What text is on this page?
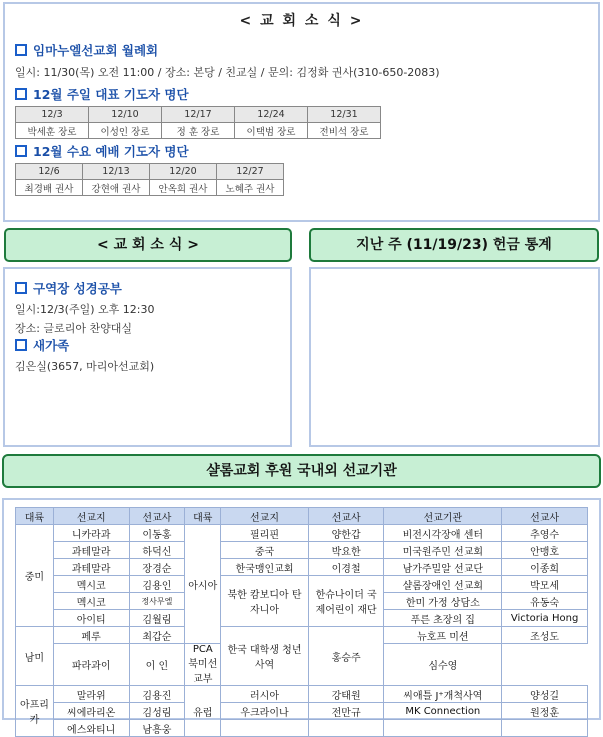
< 교 회 소 식 >
임마누엘선교회 월례회
일시: 11/30(목) 오전 11:00 / 장소: 본당 / 친교실 / 문의: 김정화 권사(310-650-2083)
12월 주일 대표 기도자 명단
12/3	12/10	12/17	12/24	12/31
박세훈 장로	이성인 장로	정 훈 장로	이택범 장로	전비석 장로
12월 수요 예배 기도자 명단
12/6	12/13	12/20	12/27
최경배 권사	강현애 권사	안옥희 권사	노혜주 권사
< 교 회 소 식 >	지난 주 (11/19/23) 헌금 통계
구역장 성경공부
일시:12/3(주일) 오후 12:30
장소: 글로리아 찬양대실
새가족
김은실(3657, 마리아선교회)
샬롬교회 후원 국내외 선교기관
대륙	선교지	선교사	대륙	선교지	선교사	선교기관	선교사
중미	니카라과	이동홍	아시아	필리핀	양한갑	비전시각장애 센터	추영수
	과테말라	하덕신		중국	박요한	미국원주민 선교회	안맹호
	과테말라	장경순		한국맹인교회	이경철	남가주밀알 선교단	이종희
	멕시코	김용인		북한 캄보디아 탄자니아	한슈나이더 국제어린이 재단	샬롬장애인 선교회	박모세
	멕시코	정사무엘				한미 가정 상담소	유동숙
	아이티	김월림				푸른 초장의 집	Victoria Hong
남미	페루	최갑순		한국 대학생 청년 사역	홍승주	뉴호프 미션	조성도
	파라과이	이 인	PCA 북미선교부			심수영	
아프리카	말라위	김용진	유럽	러시아	강태원	씨애틀 J⁺개척사역	양성길
	씨에라리온	김성림		우크라이나	전만규	MK Connection	원정훈
	에스와티니	남흥웅					
